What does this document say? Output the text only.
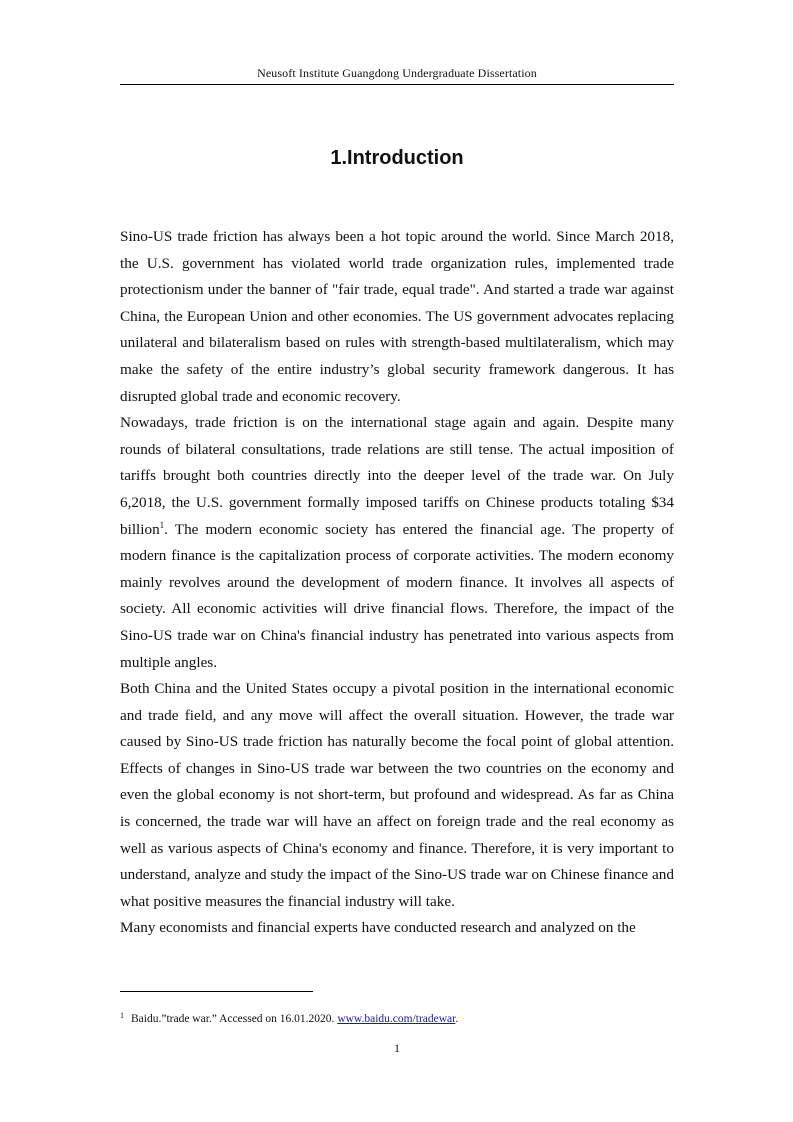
Neusoft Institute Guangdong Undergraduate Dissertation
1.Introduction

Sino-US trade friction has always been a hot topic around the world. Since March 2018, the U.S. government has violated world trade organization rules, implemented trade protectionism under the banner of "fair trade, equal trade". And started a trade war against China, the European Union and other economies. The US government advocates replacing unilateral and bilateralism based on rules with strength-based multilateralism, which may make the safety of the entire industry’s global security framework dangerous. It has disrupted global trade and economic recovery.

Nowadays, trade friction is on the international stage again and again. Despite many rounds of bilateral consultations, trade relations are still tense. The actual imposition of tariffs brought both countries directly into the deeper level of the trade war. On July 6,2018, the U.S. government formally imposed tariffs on Chinese products totaling $34 billion$^1$. The modern economic society has entered the financial age. The property of modern finance is the capitalization process of corporate activities. The modern economy mainly revolves around the development of modern finance. It involves all aspects of society. All economic activities will drive financial flows. Therefore, the impact of the Sino-US trade war on China's financial industry has penetrated into various aspects from multiple angles.

Both China and the United States occupy a pivotal position in the international economic and trade field, and any move will affect the overall situation. However, the trade war caused by Sino-US trade friction has naturally become the focal point of global attention. Effects of changes in Sino-US trade war between the two countries on the economy and even the global economy is not short-term, but profound and widespread. As far as China is concerned, the trade war will have an affect on foreign trade and the real economy as well as various aspects of China's economy and finance. Therefore, it is very important to understand, analyze and study the impact of the Sino-US trade war on Chinese finance and what positive measures the financial industry will take.

Many economists and financial experts have conducted research and analyzed on the

$^1$ Baidu.”trade war.” Accessed on 16.01.2020. www.baidu.com/tradewar.
1
